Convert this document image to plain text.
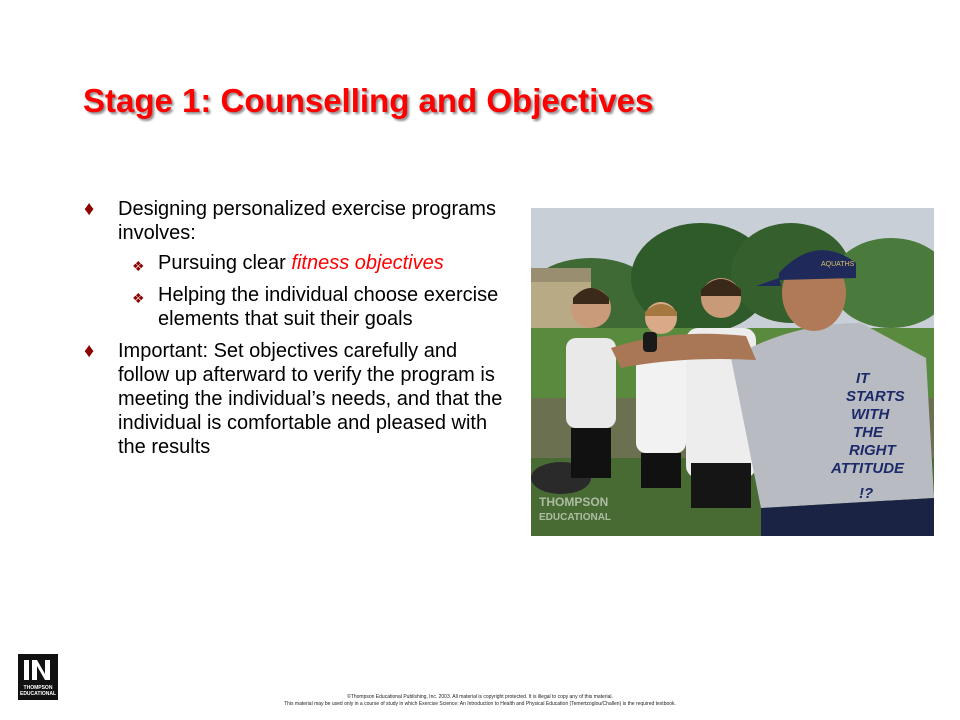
Stage 1: Counselling and Objectives
♦ Designing personalized exercise programs involves:
❖ Pursuing clear fitness objectives
❖ Helping the individual choose exercise elements that suit their goals
♦ Important: Set objectives carefully and follow up afterward to verify the program is meeting the individual’s needs, and that the individual is comfortable and pleased with the results
AQUATHS
IT
STARTS
WITH
THE
RIGHT
ATTITUDE
!?
THOMPSON
EDUCATIONAL
THOMPSON EDUCATIONAL	©Thompson Educational Publishing, Inc. 2003. All material is copyright protected. It is illegal to copy any of this material.
This material may be used only in a course of study in which Exercise Science: An Introduction to Health and Physical Education (Temertzoglou/Challen) is the required textbook.
